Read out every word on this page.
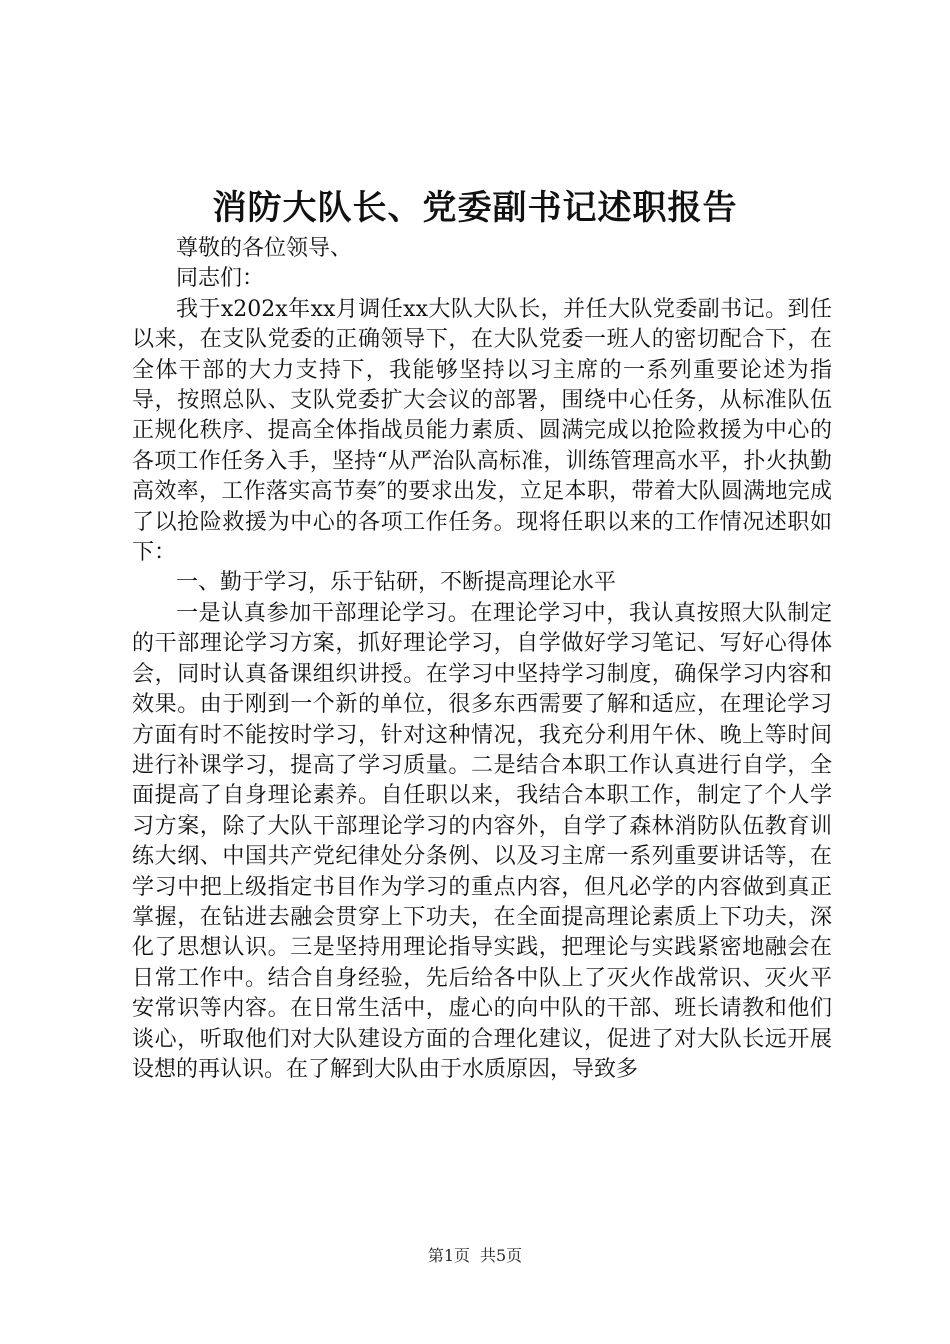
消防大队长、党委副书记述职报告

尊敬的各位领导、

同志们：

我于x202x年xx月调任xx大队大队长，并任大队党委副书记。到任以来，在支队党委的正确领导下，在大队党委一班人的密切配合下，在全体干部的大力支持下，我能够坚持以习主席的一系列重要论述为指导，按照总队、支队党委扩大会议的部署，围绕中心任务，从标准队伍正规化秩序、提高全体指战员能力素质、圆满完成以抢险救援为中心的各项工作任务入手，坚持“从严治队高标准，训练管理高水平，扑火执勤高效率，工作落实高节奏″的要求出发，立足本职，带着大队圆满地完成了以抢险救援为中心的各项工作任务。现将任职以来的工作情况述职如下：

一、勤于学习，乐于钻研，不断提高理论水平

一是认真参加干部理论学习。在理论学习中，我认真按照大队制定的干部理论学习方案，抓好理论学习，自学做好学习笔记、写好心得体会，同时认真备课组织讲授。在学习中坚持学习制度，确保学习内容和效果。由于刚到一个新的单位，很多东西需要了解和适应，在理论学习方面有时不能按时学习，针对这种情况，我充分利用午休、晚上等时间进行补课学习，提高了学习质量。二是结合本职工作认真进行自学，全面提高了自身理论素养。自任职以来，我结合本职工作，制定了个人学习方案，除了大队干部理论学习的内容外，自学了森林消防队伍教育训练大纲、中国共产党纪律处分条例、以及习主席一系列重要讲话等，在学习中把上级指定书目作为学习的重点内容，但凡必学的内容做到真正掌握，在钻进去融会贯穿上下功夫，在全面提高理论素质上下功夫，深化了思想认识。三是坚持用理论指导实践，把理论与实践紧密地融会在日常工作中。结合自身经验，先后给各中队上了灭火作战常识、灭火平安常识等内容。在日常生活中，虚心的向中队的干部、班长请教和他们谈心，听取他们对大队建设方面的合理化建议，促进了对大队长远开展设想的再认识。在了解到大队由于水质原因，导致多

第1页 共5页
